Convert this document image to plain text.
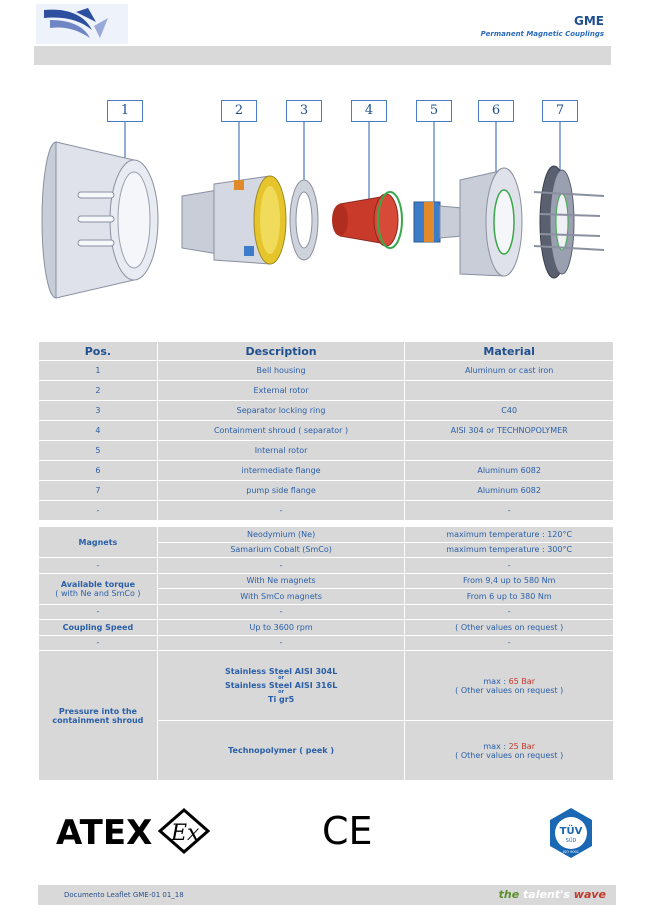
GME
Permanent Magnetic Couplings
1	2	3	4	5	6	7
Pos.	Description	Material
1	Bell housing	Aluminum or cast iron
2	External rotor	
3	Separator locking ring	C40
4	Containment shroud ( separator )	AISI 304 or TECHNOPOLYMER
5	Internal rotor	
6	intermediate flange	Aluminum 6082
7	pump side flange	Aluminum 6082
-	-	-
Magnets	Neodymium (Ne)	maximum temperature : 120°C
	Samarium Cobalt (SmCo)	maximum temperature : 300°C
-	-	-
Available torque
( with Ne and SmCo )	With Ne magnets	From 9,4 up to 580 Nm
	With SmCo magnets	From 6 up to 380 Nm
-	-	-
Coupling Speed	Up to 3600 rpm	( Other values on request )
-	-	-
Pressure into the
containment shroud	Stainless Steel AISI 304L
or
Stainless Steel AISI 316L
or
Ti gr5	max : 65 Bar
( Other values on request )
	Technopolymer ( peek )	max : 25 Bar
( Other values on request )
ATEX Ex	CE	TÜV
SÜD
ISO 9001
Documento Leaflet GME-01 01_18	the talent's wave
